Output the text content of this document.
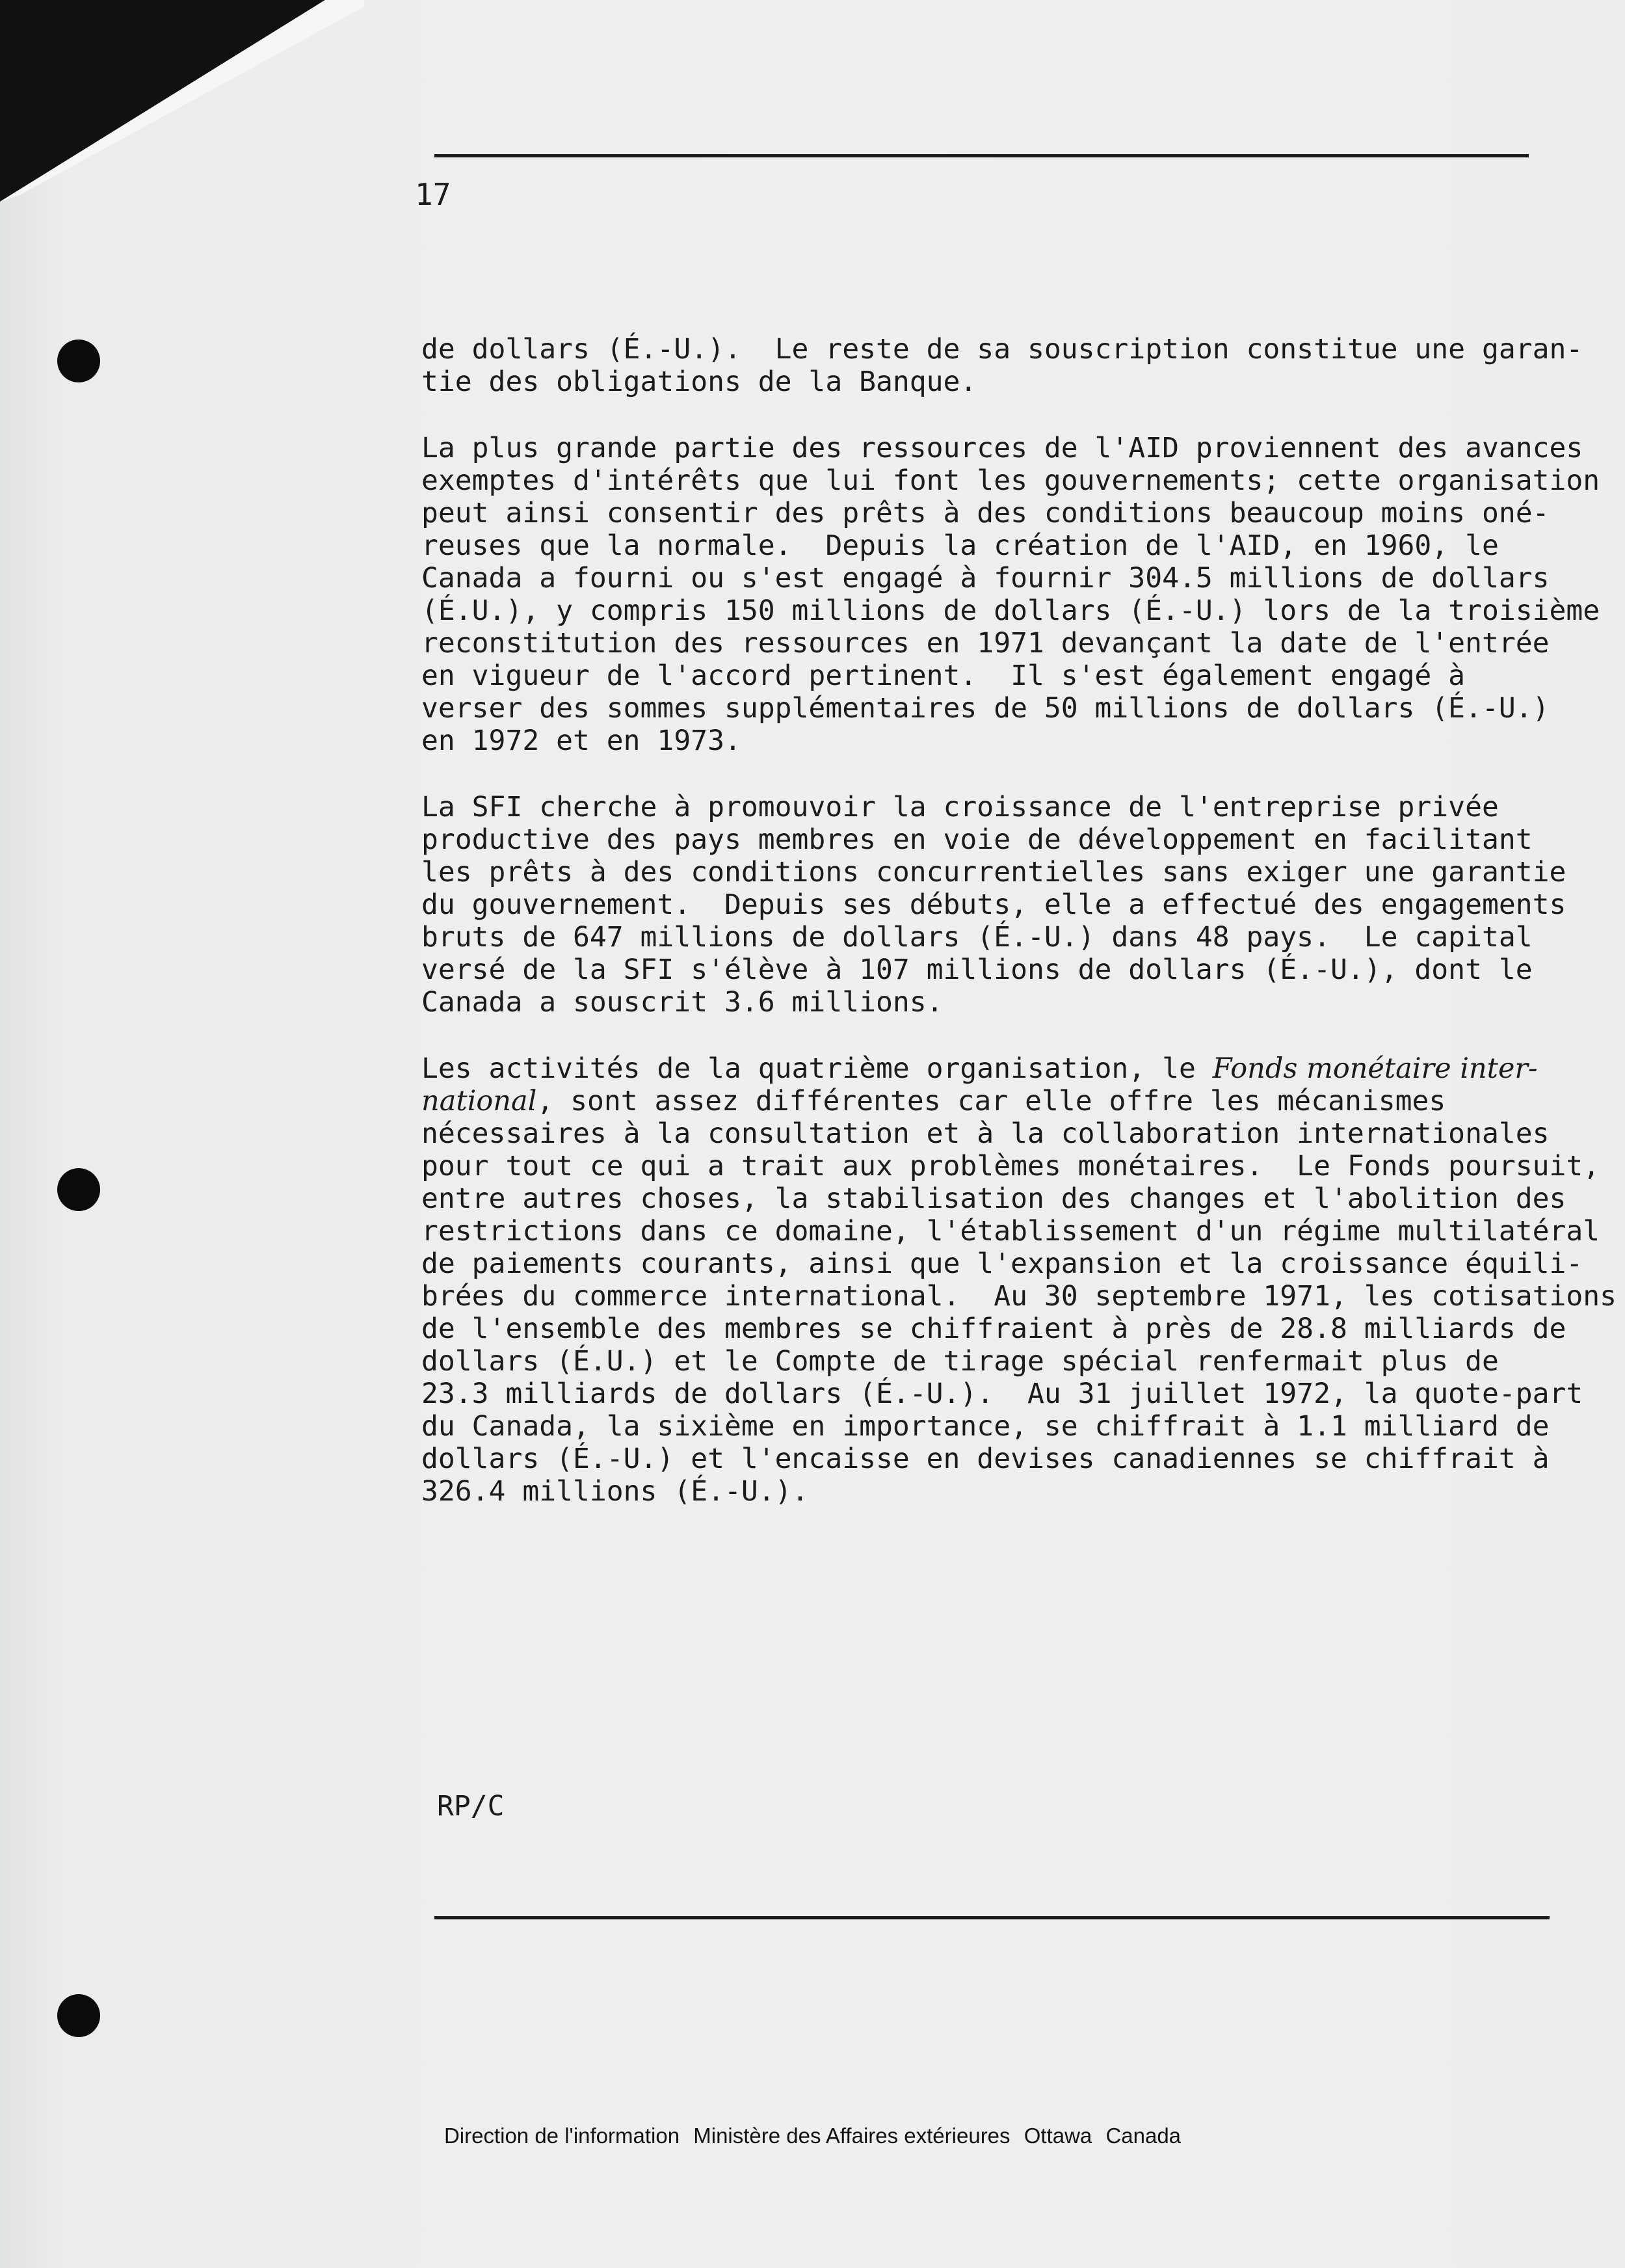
17

de dollars (É.-U.).  Le reste de sa souscription constitue une garan-
tie des obligations de la Banque.

La plus grande partie des ressources de l'AID proviennent des avances
exemptes d'intérêts que lui font les gouvernements; cette organisation
peut ainsi consentir des prêts à des conditions beaucoup moins oné-
reuses que la normale.  Depuis la création de l'AID, en 1960, le
Canada a fourni ou s'est engagé à fournir 304.5 millions de dollars
(É.U.), y compris 150 millions de dollars (É.-U.) lors de la troisième
reconstitution des ressources en 1971 devançant la date de l'entrée
en vigueur de l'accord pertinent.  Il s'est également engagé à
verser des sommes supplémentaires de 50 millions de dollars (É.-U.)
en 1972 et en 1973.

La SFI cherche à promouvoir la croissance de l'entreprise privée
productive des pays membres en voie de développement en facilitant
les prêts à des conditions concurrentielles sans exiger une garantie
du gouvernement.  Depuis ses débuts, elle a effectué des engagements
bruts de 647 millions de dollars (É.-U.) dans 48 pays.  Le capital
versé de la SFI s'élève à 107 millions de dollars (É.-U.), dont le
Canada a souscrit 3.6 millions.

Les activités de la quatrième organisation, le Fonds monétaire inter-
national, sont assez différentes car elle offre les mécanismes
nécessaires à la consultation et à la collaboration internationales
pour tout ce qui a trait aux problèmes monétaires.  Le Fonds poursuit,
entre autres choses, la stabilisation des changes et l'abolition des
restrictions dans ce domaine, l'établissement d'un régime multilatéral
de paiements courants, ainsi que l'expansion et la croissance équili-
brées du commerce international.  Au 30 septembre 1971, les cotisations
de l'ensemble des membres se chiffraient à près de 28.8 milliards de
dollars (É.U.) et le Compte de tirage spécial renfermait plus de
23.3 milliards de dollars (É.-U.).  Au 31 juillet 1972, la quote-part
du Canada, la sixième en importance, se chiffrait à 1.1 milliard de
dollars (É.-U.) et l'encaisse en devises canadiennes se chiffrait à
326.4 millions (É.-U.).

RP/C
Direction de l'information Ministère des Affaires extérieures Ottawa Canada
